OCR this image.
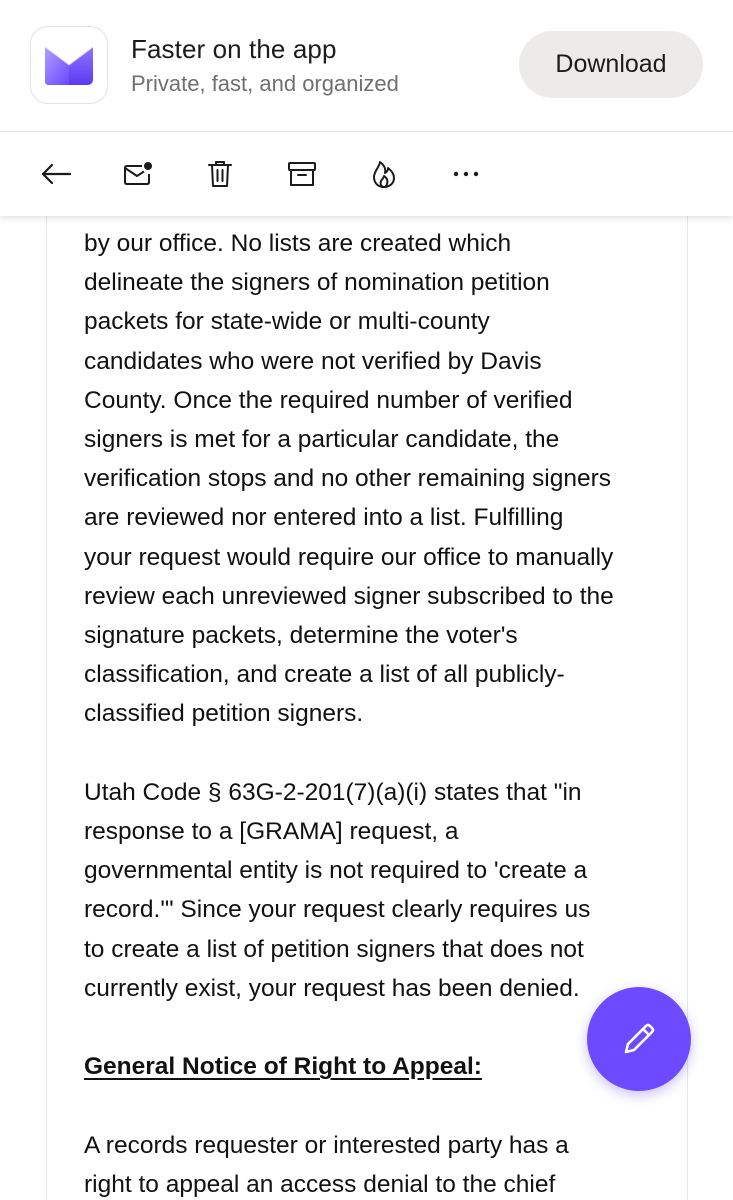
Faster on the app
Private, fast, and organized
Download
by our office. No lists are created which
delineate the signers of nomination petition
packets for state-wide or multi-county
candidates who were not verified by Davis
County. Once the required number of verified
signers is met for a particular candidate, the
verification stops and no other remaining signers
are reviewed nor entered into a list. Fulfilling
your request would require our office to manually
review each unreviewed signer subscribed to the
signature packets, determine the voter's
classification, and create a list of all publicly-
classified petition signers.
Utah Code § 63G-2-201(7)(a)(i) states that "in
response to a [GRAMA] request, a
governmental entity is not required to 'create a
record.'" Since your request clearly requires us
to create a list of petition signers that does not
currently exist, your request has been denied.
General Notice of Right to Appeal:
A records requester or interested party has a
right to appeal an access denial to the chief
